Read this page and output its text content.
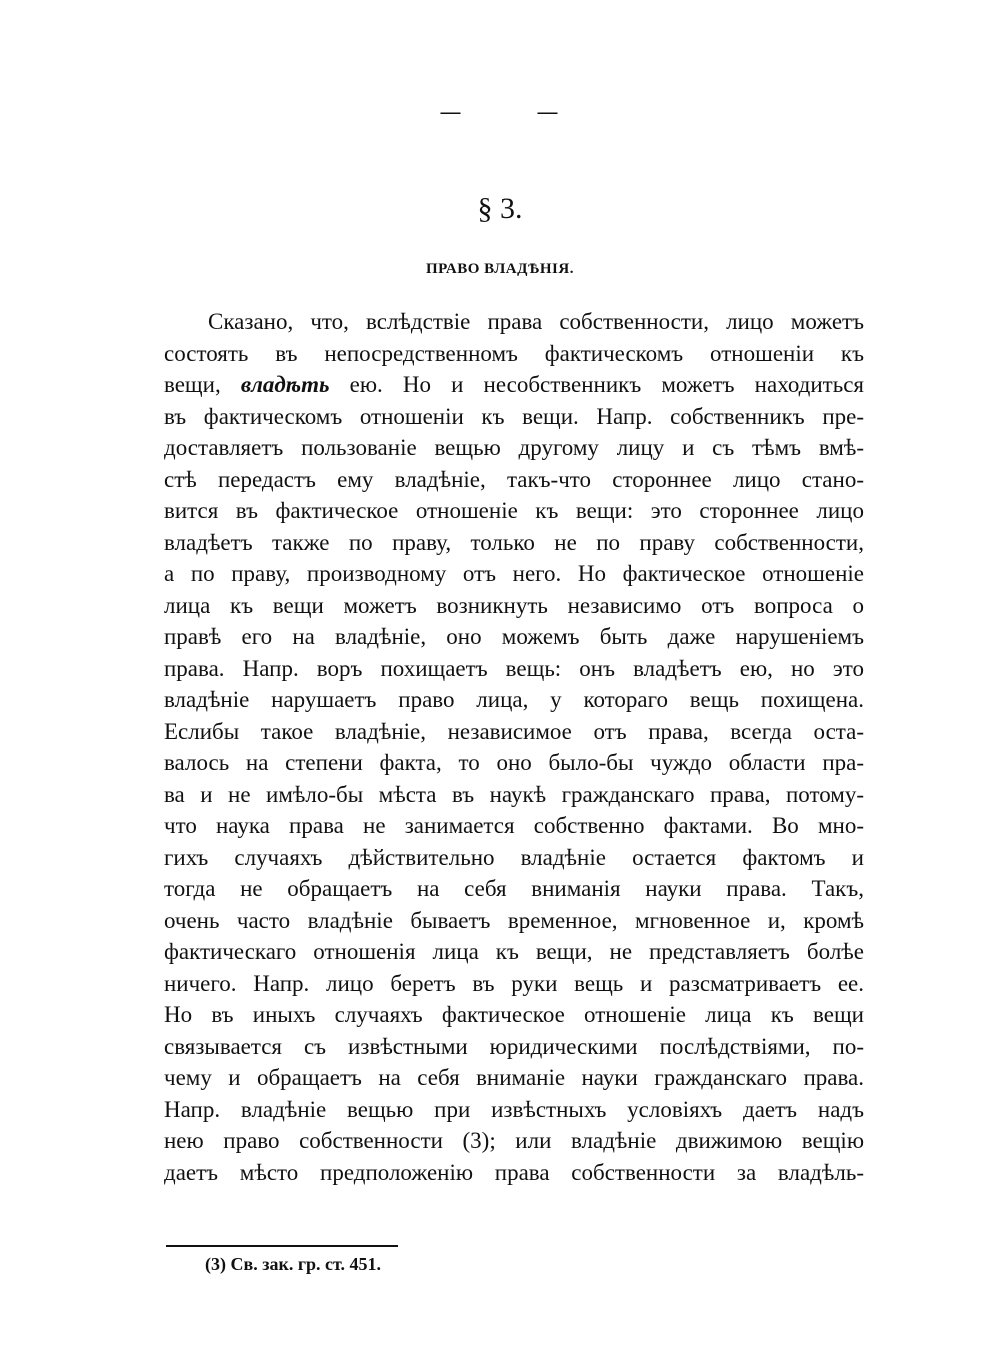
—	—
§ 3.
ПРАВО ВЛАДѢНІЯ.
Сказано, что, вслѣдствіе права собственности, лицо можетъ
состоять въ непосредственномъ фактическомъ отношеніи къ
вещи, владѣть ею. Но и несобственникъ можетъ находиться
въ фактическомъ отношеніи къ вещи. Напр. собственникъ пре-
доставляетъ пользованіе вещью другому лицу и съ тѣмъ вмѣ-
стѣ передастъ ему владѣніе, такъ-что стороннее лицо стано-
вится въ фактическое отношеніе къ вещи: это стороннее лицо
владѣетъ также по праву, только не по праву собственности,
а по праву, производному отъ него. Но фактическое отношеніе
лица къ вещи можетъ возникнуть независимо отъ вопроса о
правѣ его на владѣніе, оно можемъ быть даже нарушеніемъ
права. Напр. воръ похищаетъ вещь: онъ владѣетъ ею, но это
владѣніе нарушаетъ право лица, у котораго вещь похищена.
Еслибы такое владѣніе, независимое отъ права, всегда оста-
валось на степени факта, то оно было-бы чуждо области пра-
ва и не имѣло-бы мѣста въ наукѣ гражданскаго права, потому-
что наука права не занимается собственно фактами. Во мно-
гихъ случаяхъ дѣйствительно владѣніе остается фактомъ и
тогда не обращаетъ на себя вниманія науки права. Такъ,
очень часто владѣніе бываетъ временное, мгновенное и, кромѣ
фактическаго отношенія лица къ вещи, не представляетъ болѣе
ничего. Напр. лицо беретъ въ руки вещь и разсматриваетъ ее.
Но въ иныхъ случаяхъ фактическое отношеніе лица къ вещи
связывается съ извѣстными юридическими послѣдствіями, по-
чему и обращаетъ на себя вниманіе науки гражданскаго права.
Напр. владѣніе вещью при извѣстныхъ условіяхъ даетъ надъ
нею право собственности (3); или владѣніе движимою вещію
даетъ мѣсто предположенію права собственности за владѣль-
(3) Св. зак. гр. ст. 451.
